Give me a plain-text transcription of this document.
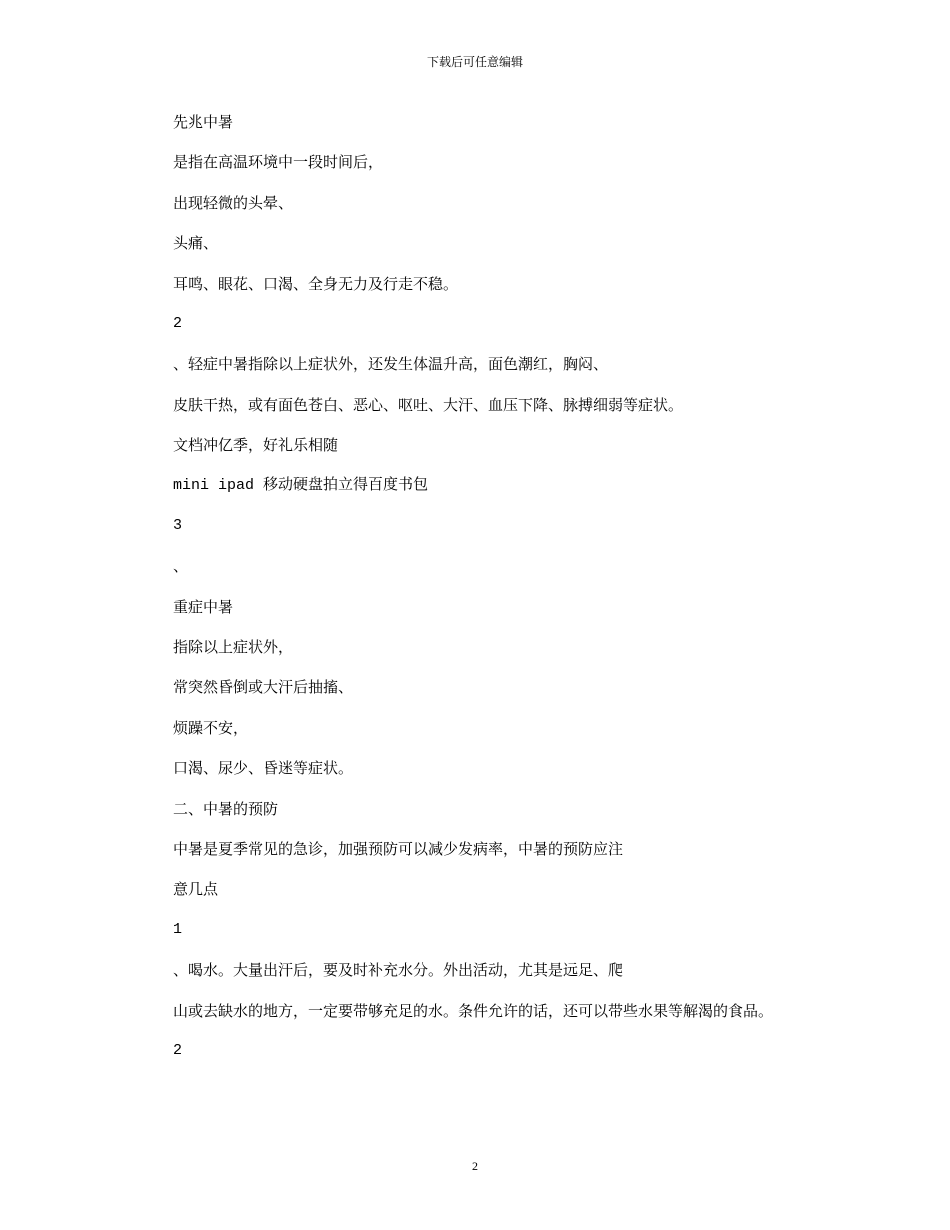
下载后可任意编辑
先兆中暑
是指在高温环境中一段时间后，
出现轻微的头晕、
头痛、
耳鸣、眼花、口渴、全身无力及行走不稳。
2
、轻症中暑指除以上症状外，还发生体温升高，面色潮红，胸闷、
皮肤干热，或有面色苍白、恶心、呕吐、大汗、血压下降、脉搏细弱等症状。
文档冲亿季，好礼乐相随
mini ipad 移动硬盘拍立得百度书包
3
、
重症中暑
指除以上症状外，
常突然昏倒或大汗后抽搐、
烦躁不安，
口渴、尿少、昏迷等症状。
二、中暑的预防
中暑是夏季常见的急诊，加强预防可以减少发病率，中暑的预防应注
意几点
1
、喝水。大量出汗后，要及时补充水分。外出活动，尤其是远足、爬
山或去缺水的地方，一定要带够充足的水。条件允许的话，还可以带些水果等解渴的食品。
2
2
